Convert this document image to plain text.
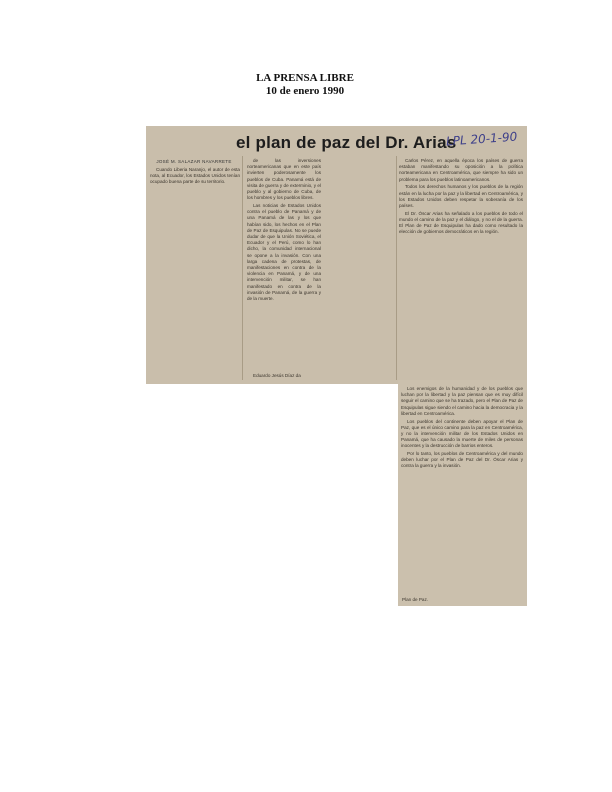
LA PRENSA LIBRE
10 de enero 1990
el plan de paz del Dr. Arias
LPL 20-1-90
JOSÉ M. SALAZAR NAVARRETE

Cuando Liberia Naranjo, el autor de esta nota, al Ecuador, los Estados Unidos tenían ocupado buena parte de su territorio.

de las inversiones norteamericanas que en este país invierten poderosamente los pueblos de Cuba. Panamá está de visita de guerra y de exterminio, y el pueblo y al gobierno de Cuba, de los hombres y los pueblos libres.

Las noticias de Estados Unidos contra el pueblo de Panamá y de una Panamá de las y los que habían sido, los hechos en el Plan de Paz de Esquipulas. No se puede dudar de que la Unión Soviética, el Ecuador y el Perú, como lo han dicho, la comunidad internacional se opone a la invasión. Con una larga cadena de protestas, de manifestaciones en contra de la violencia en Panamá, y de una intervención militar, se han manifestado en contra de la invasión de Panamá, de la guerra y de la muerte.

Eduardo Jesús Díaz da

Carlos Pérez, en aquella época los países de guerra estaban manifestando su oposición a la política norteamericana en Centroamérica, que siempre ha sido un problema para los pueblos latinoamericanos.

Todos los derechos humanos y los pueblos de la región están en la lucha por la paz y la libertad en Centroamérica, y los Estados Unidos deben respetar la soberanía de los países.

El Dr. Óscar Arias ha señalado a los pueblos de todo el mundo el camino de la paz y el diálogo, y no el de la guerra. El Plan de Paz de Esquipulas ha dado como resultado la elección de gobiernos democráticos en la región.

Los enemigos de la humanidad y de los pueblos que luchan por la libertad y la paz piensan que es muy difícil seguir el camino que se ha trazado, pero el Plan de Paz de Esquipulas sigue siendo el camino hacia la democracia y la libertad en Centroamérica.

Los pueblos del continente deben apoyar el Plan de Paz, que es el único camino para la paz en Centroamérica, y no la intervención militar de los Estados Unidos en Panamá, que ha causado la muerte de miles de personas inocentes y la destrucción de barrios enteros.

Por lo tanto, los pueblos de Centroamérica y del mundo deben luchar por el Plan de Paz del Dr. Óscar Arias y contra la guerra y la invasión.

Plan de Paz.
